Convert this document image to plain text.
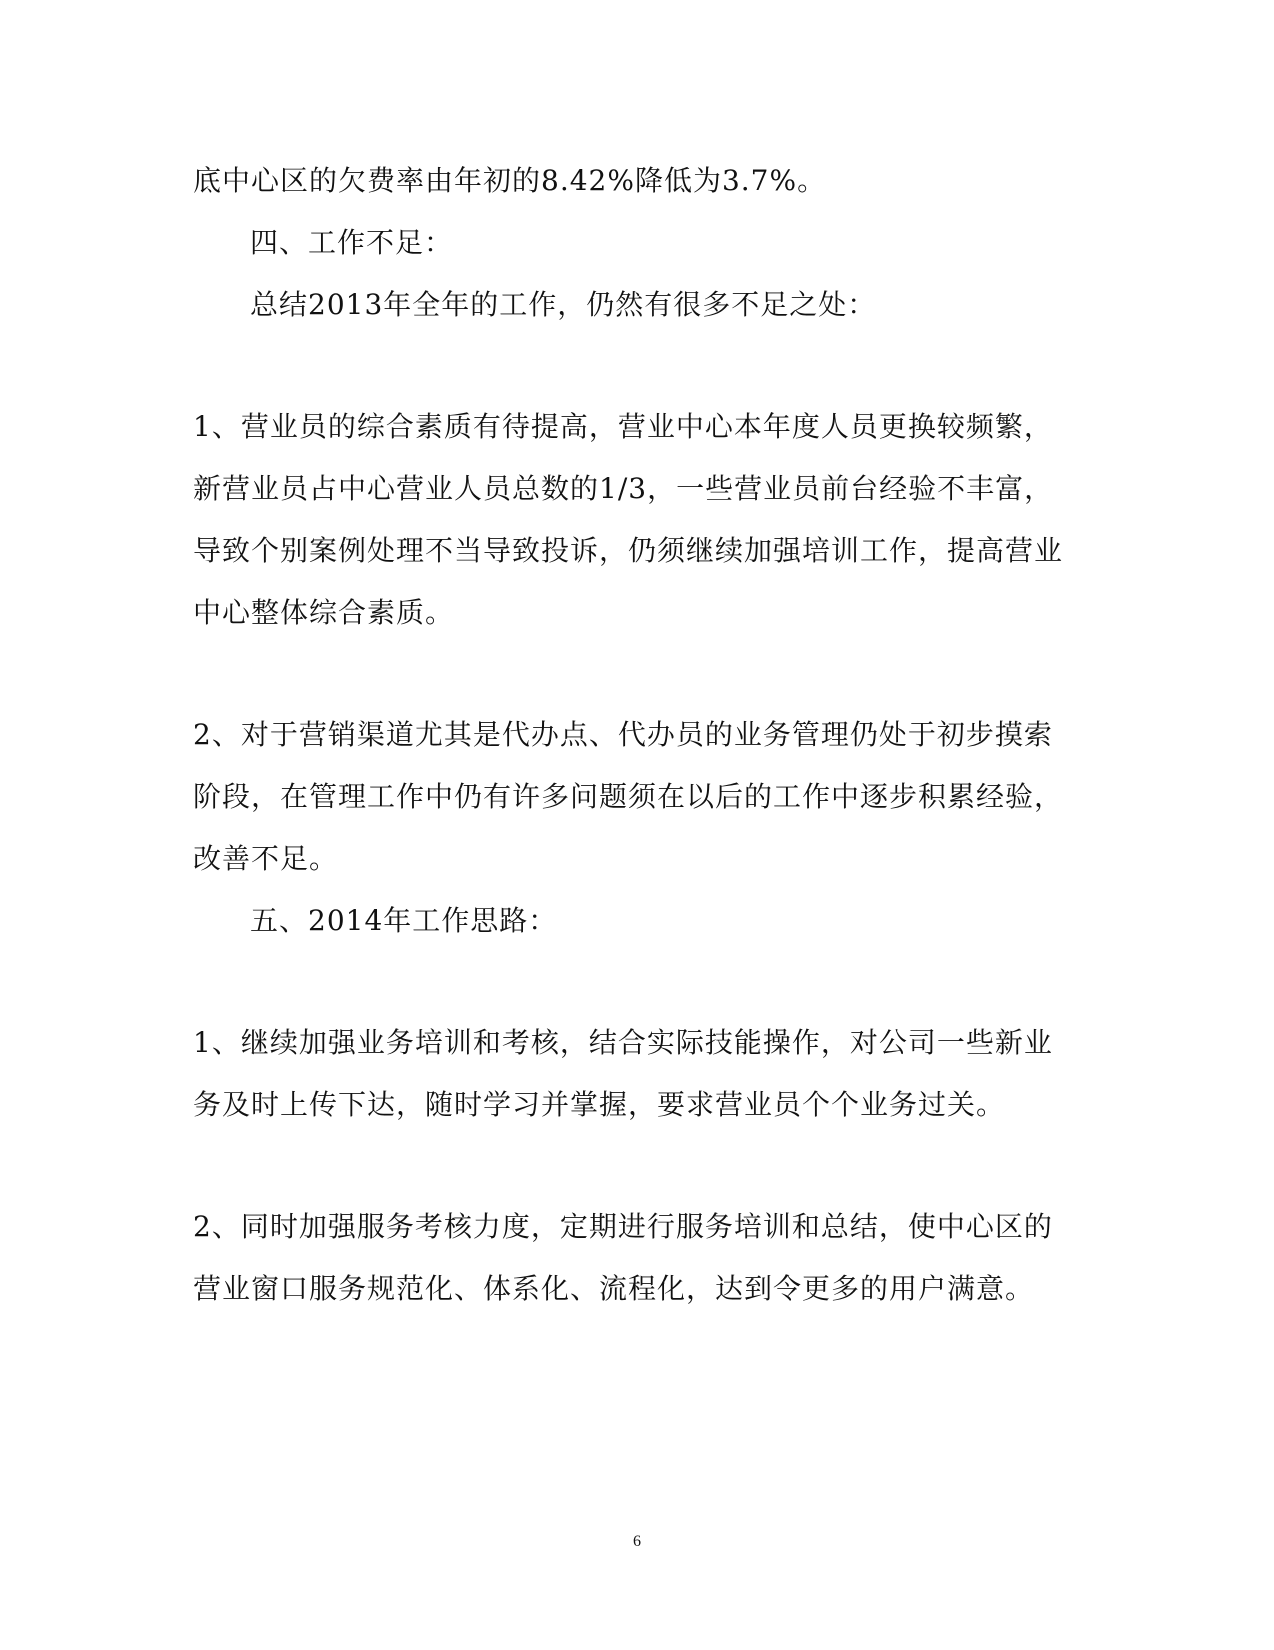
底中心区的欠费率由年初的8.42%降低为3.7%。
四、工作不足：
总结2013年全年的工作，仍然有很多不足之处：
1、营业员的综合素质有待提高，营业中心本年度人员更换较频繁，
新营业员占中心营业人员总数的1/3，一些营业员前台经验不丰富，
导致个别案例处理不当导致投诉，仍须继续加强培训工作，提高营业
中心整体综合素质。
2、对于营销渠道尤其是代办点、代办员的业务管理仍处于初步摸索
阶段，在管理工作中仍有许多问题须在以后的工作中逐步积累经验，
改善不足。
五、2014年工作思路：
1、继续加强业务培训和考核，结合实际技能操作，对公司一些新业
务及时上传下达，随时学习并掌握，要求营业员个个业务过关。
2、同时加强服务考核力度，定期进行服务培训和总结，使中心区的
营业窗口服务规范化、体系化、流程化，达到令更多的用户满意。
6
